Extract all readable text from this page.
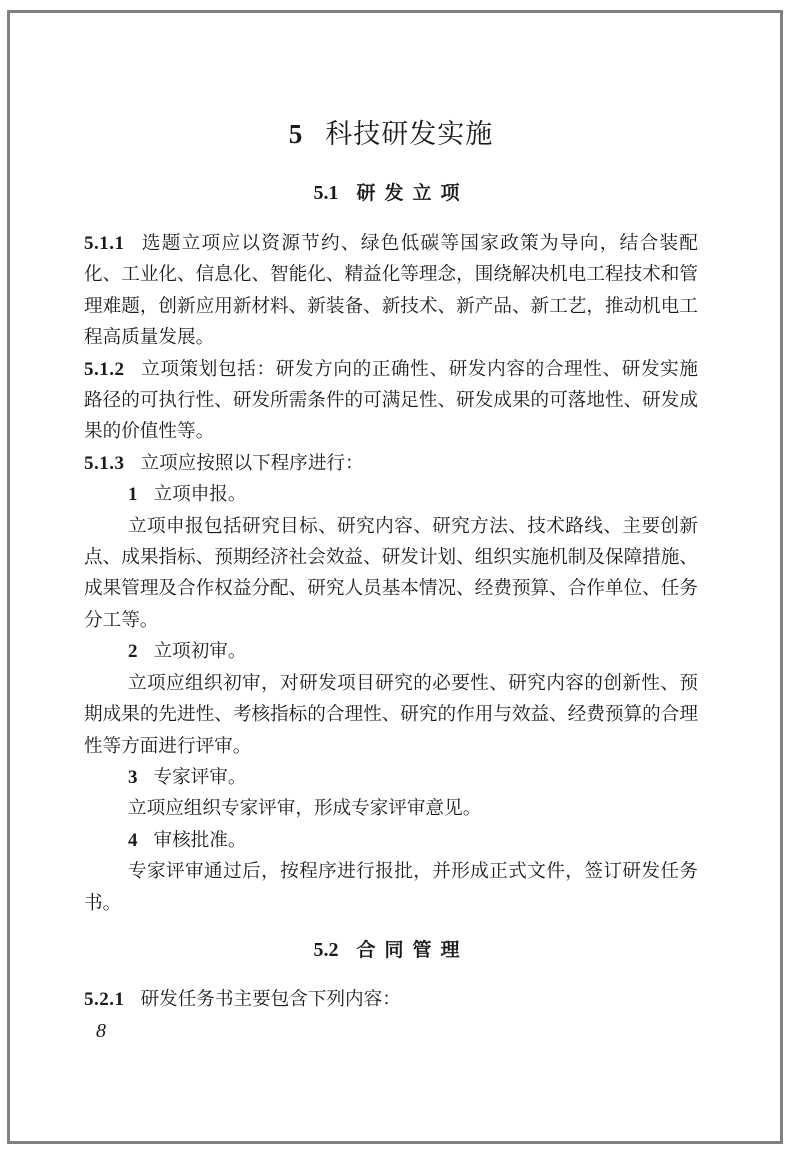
5 科技研发实施
5.1 研发立项

5.1.1 选题立项应以资源节约、绿色低碳等国家政策为导向，结合装配化、工业化、信息化、智能化、精益化等理念，围绕解决机电工程技术和管理难题，创新应用新材料、新装备、新技术、新产品、新工艺，推动机电工程高质量发展。

5.1.2 立项策划包括：研发方向的正确性、研发内容的合理性、研发实施路径的可执行性、研发所需条件的可满足性、研发成果的可落地性、研发成果的价值性等。

5.1.3 立项应按照以下程序进行：

1 立项申报。

立项申报包括研究目标、研究内容、研究方法、技术路线、主要创新点、成果指标、预期经济社会效益、研发计划、组织实施机制及保障措施、成果管理及合作权益分配、研究人员基本情况、经费预算、合作单位、任务分工等。

2 立项初审。

立项应组织初审，对研发项目研究的必要性、研究内容的创新性、预期成果的先进性、考核指标的合理性、研究的作用与效益、经费预算的合理性等方面进行评审。

3 专家评审。

立项应组织专家评审，形成专家评审意见。

4 审核批准。

专家评审通过后，按程序进行报批，并形成正式文件，签订研发任务书。

5.2 合同管理

5.2.1 研发任务书主要包含下列内容：

8
